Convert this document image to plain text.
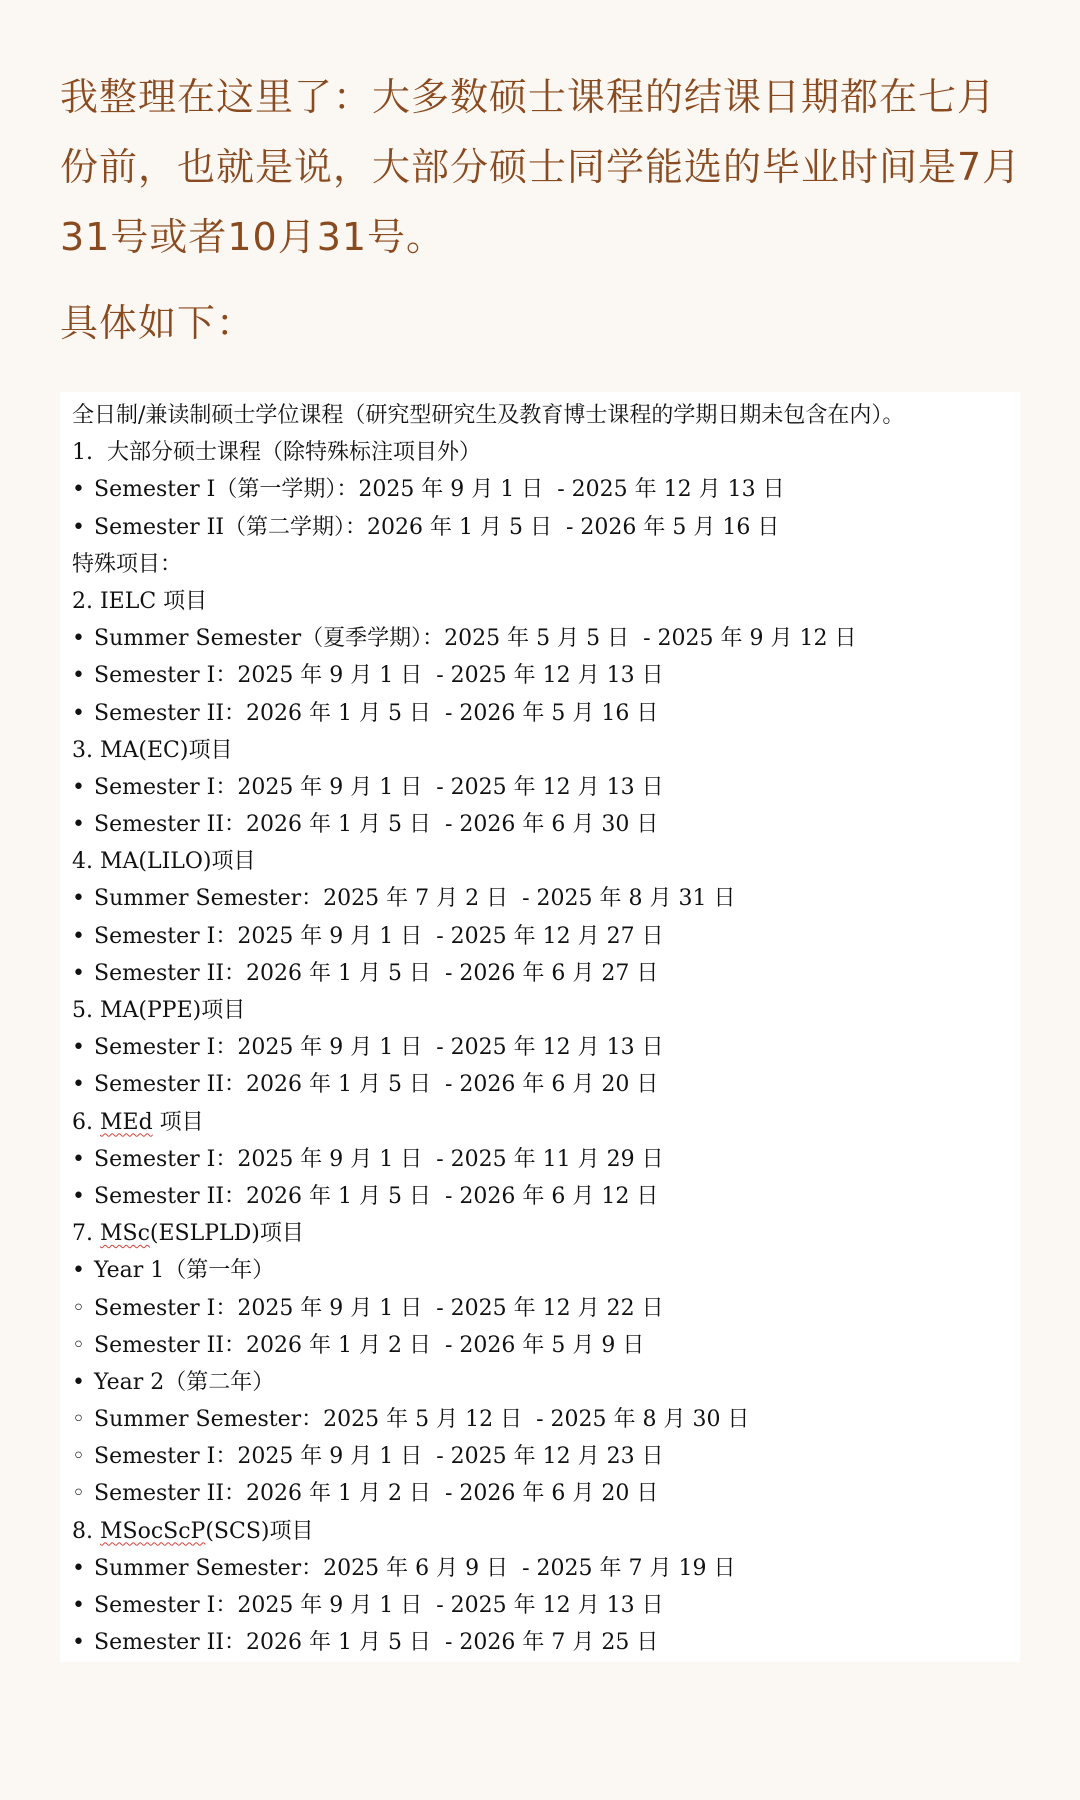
我整理在这里了：大多数硕士课程的结课日期都在七月份前，也就是说，大部分硕士同学能选的毕业时间是7月31号或者10月31号。

具体如下：

全日制/兼读制硕士学位课程（研究型研究生及教育博士课程的学期日期未包含在内）。
1.  大部分硕士课程（除特殊标注项目外）
• Semester I（第一学期）：2025 年 9 月 1 日  - 2025 年 12 月 13 日
• Semester II（第二学期）：2026 年 1 月 5 日  - 2026 年 5 月 16 日
特殊项目：
2. IELC 项目
• Summer Semester（夏季学期）：2025 年 5 月 5 日  - 2025 年 9 月 12 日
• Semester I：2025 年 9 月 1 日  - 2025 年 12 月 13 日
• Semester II：2026 年 1 月 5 日  - 2026 年 5 月 16 日
3. MA(EC)项目
• Semester I：2025 年 9 月 1 日  - 2025 年 12 月 13 日
• Semester II：2026 年 1 月 5 日  - 2026 年 6 月 30 日
4. MA(LILO)项目
• Summer Semester：2025 年 7 月 2 日  - 2025 年 8 月 31 日
• Semester I：2025 年 9 月 1 日  - 2025 年 12 月 27 日
• Semester II：2026 年 1 月 5 日  - 2026 年 6 月 27 日
5. MA(PPE)项目
• Semester I：2025 年 9 月 1 日  - 2025 年 12 月 13 日
• Semester II：2026 年 1 月 5 日  - 2026 年 6 月 20 日
6. MEd 项目
• Semester I：2025 年 9 月 1 日  - 2025 年 11 月 29 日
• Semester II：2026 年 1 月 5 日  - 2026 年 6 月 12 日
7. MSc(ESLPLD)项目
• Year 1（第一年）
◦ Semester I：2025 年 9 月 1 日  - 2025 年 12 月 22 日
◦ Semester II：2026 年 1 月 2 日  - 2026 年 5 月 9 日
• Year 2（第二年）
◦ Summer Semester：2025 年 5 月 12 日  - 2025 年 8 月 30 日
◦ Semester I：2025 年 9 月 1 日  - 2025 年 12 月 23 日
◦ Semester II：2026 年 1 月 2 日  - 2026 年 6 月 20 日
8. MSocScP(SCS)项目
• Summer Semester：2025 年 6 月 9 日  - 2025 年 7 月 19 日
• Semester I：2025 年 9 月 1 日  - 2025 年 12 月 13 日
• Semester II：2026 年 1 月 5 日  - 2026 年 7 月 25 日
